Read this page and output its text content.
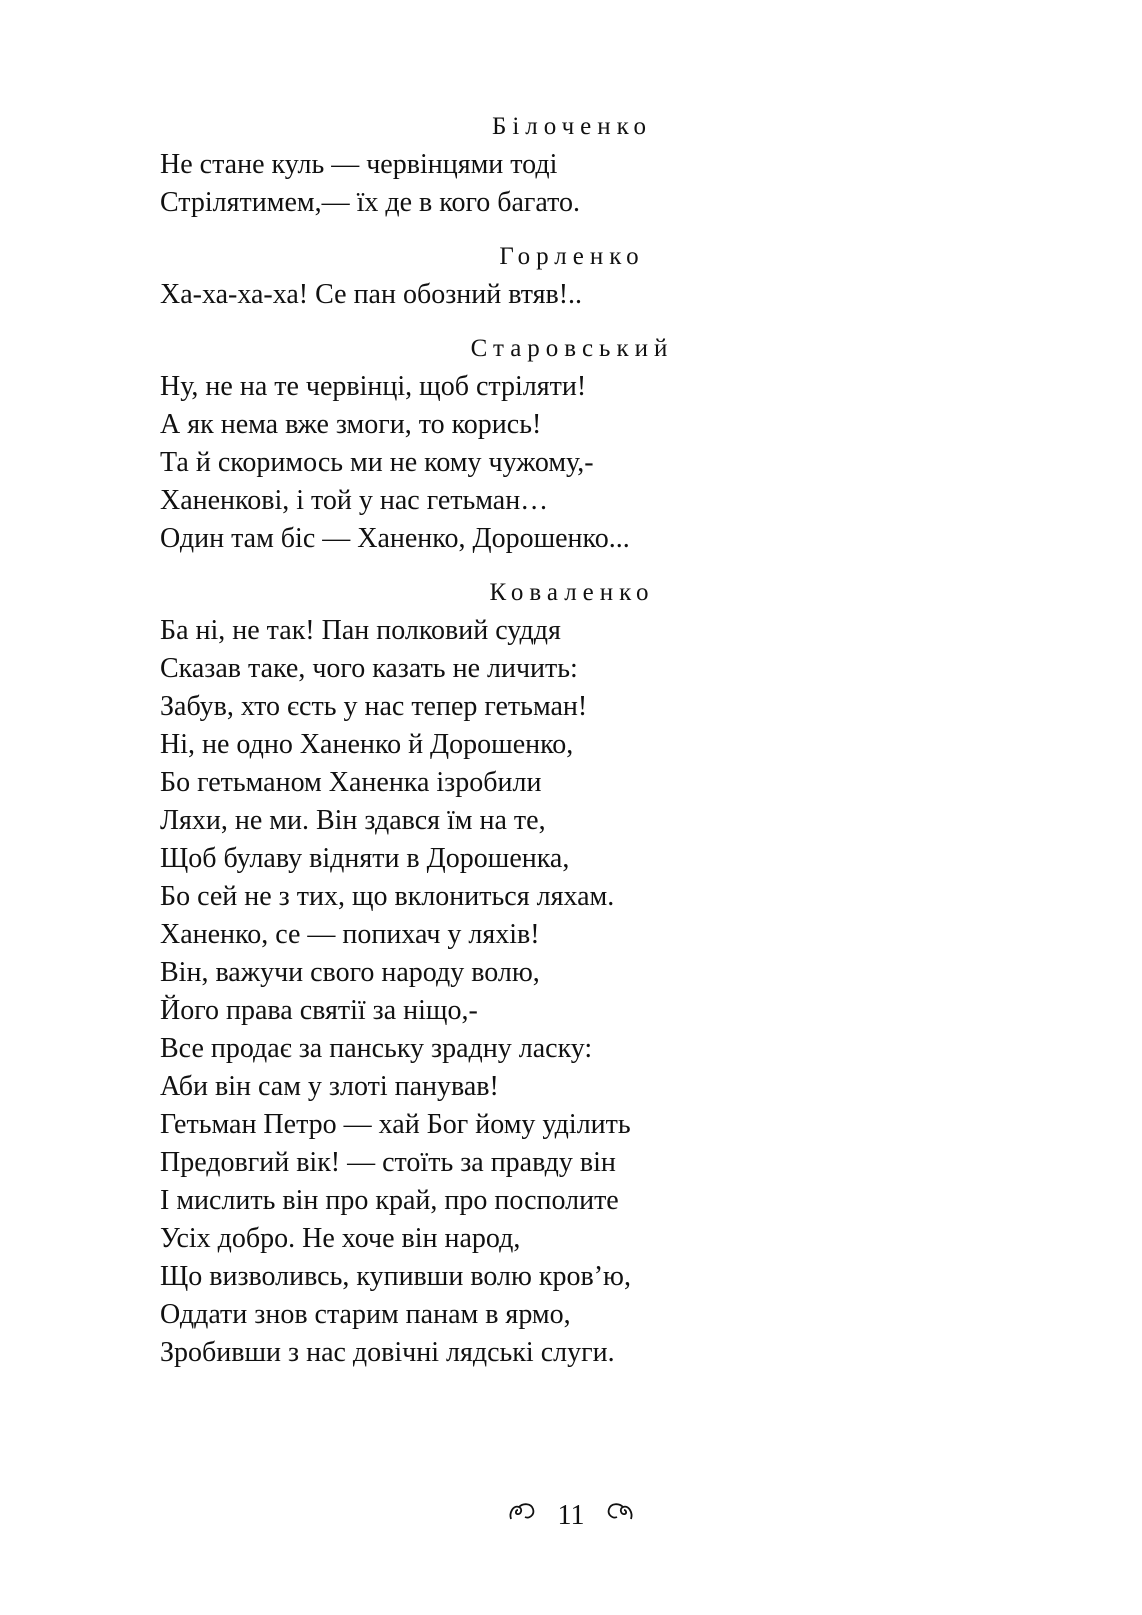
Білоченко
Не стане куль — червінцями тоді
Стрілятимем,— їх де в кого багато.
Горленко
Ха-ха-ха-ха! Се пан обозний втяв!..
Старовський
Ну, не на те червінці, щоб стріляти!
А як нема вже змоги, то корись!
Та й скоримось ми не кому чужому,-
Ханенкові, і той у нас гетьман…
Один там біс — Ханенко, Дорошенко...
Коваленко
Ба ні, не так! Пан полковий суддя
Сказав таке, чого казать не личить:
Забув, хто єсть у нас тепер гетьман!
Ні, не одно Ханенко й Дорошенко,
Бо гетьманом Ханенка ізробили
Ляхи, не ми. Він здався їм на те,
Щоб булаву відняти в Дорошенка,
Бо сей не з тих, що вклониться ляхам.
Ханенко, се — попихач у ляхів!
Він, важучи свого народу волю,
Його права святії за ніщо,-
Все продає за панську зрадну ласку:
Аби він сам у злоті панував!
Гетьман Петро — хай Бог йому уділить
Предовгий вік! — стоїть за правду він
І мислить він про край, про посполите
Усіх добро. Не хоче він народ,
Що визволивсь, купивши волю кров’ю,
Оддати знов старим панам в ярмо,
Зробивши з нас довічні лядські слуги.
11
